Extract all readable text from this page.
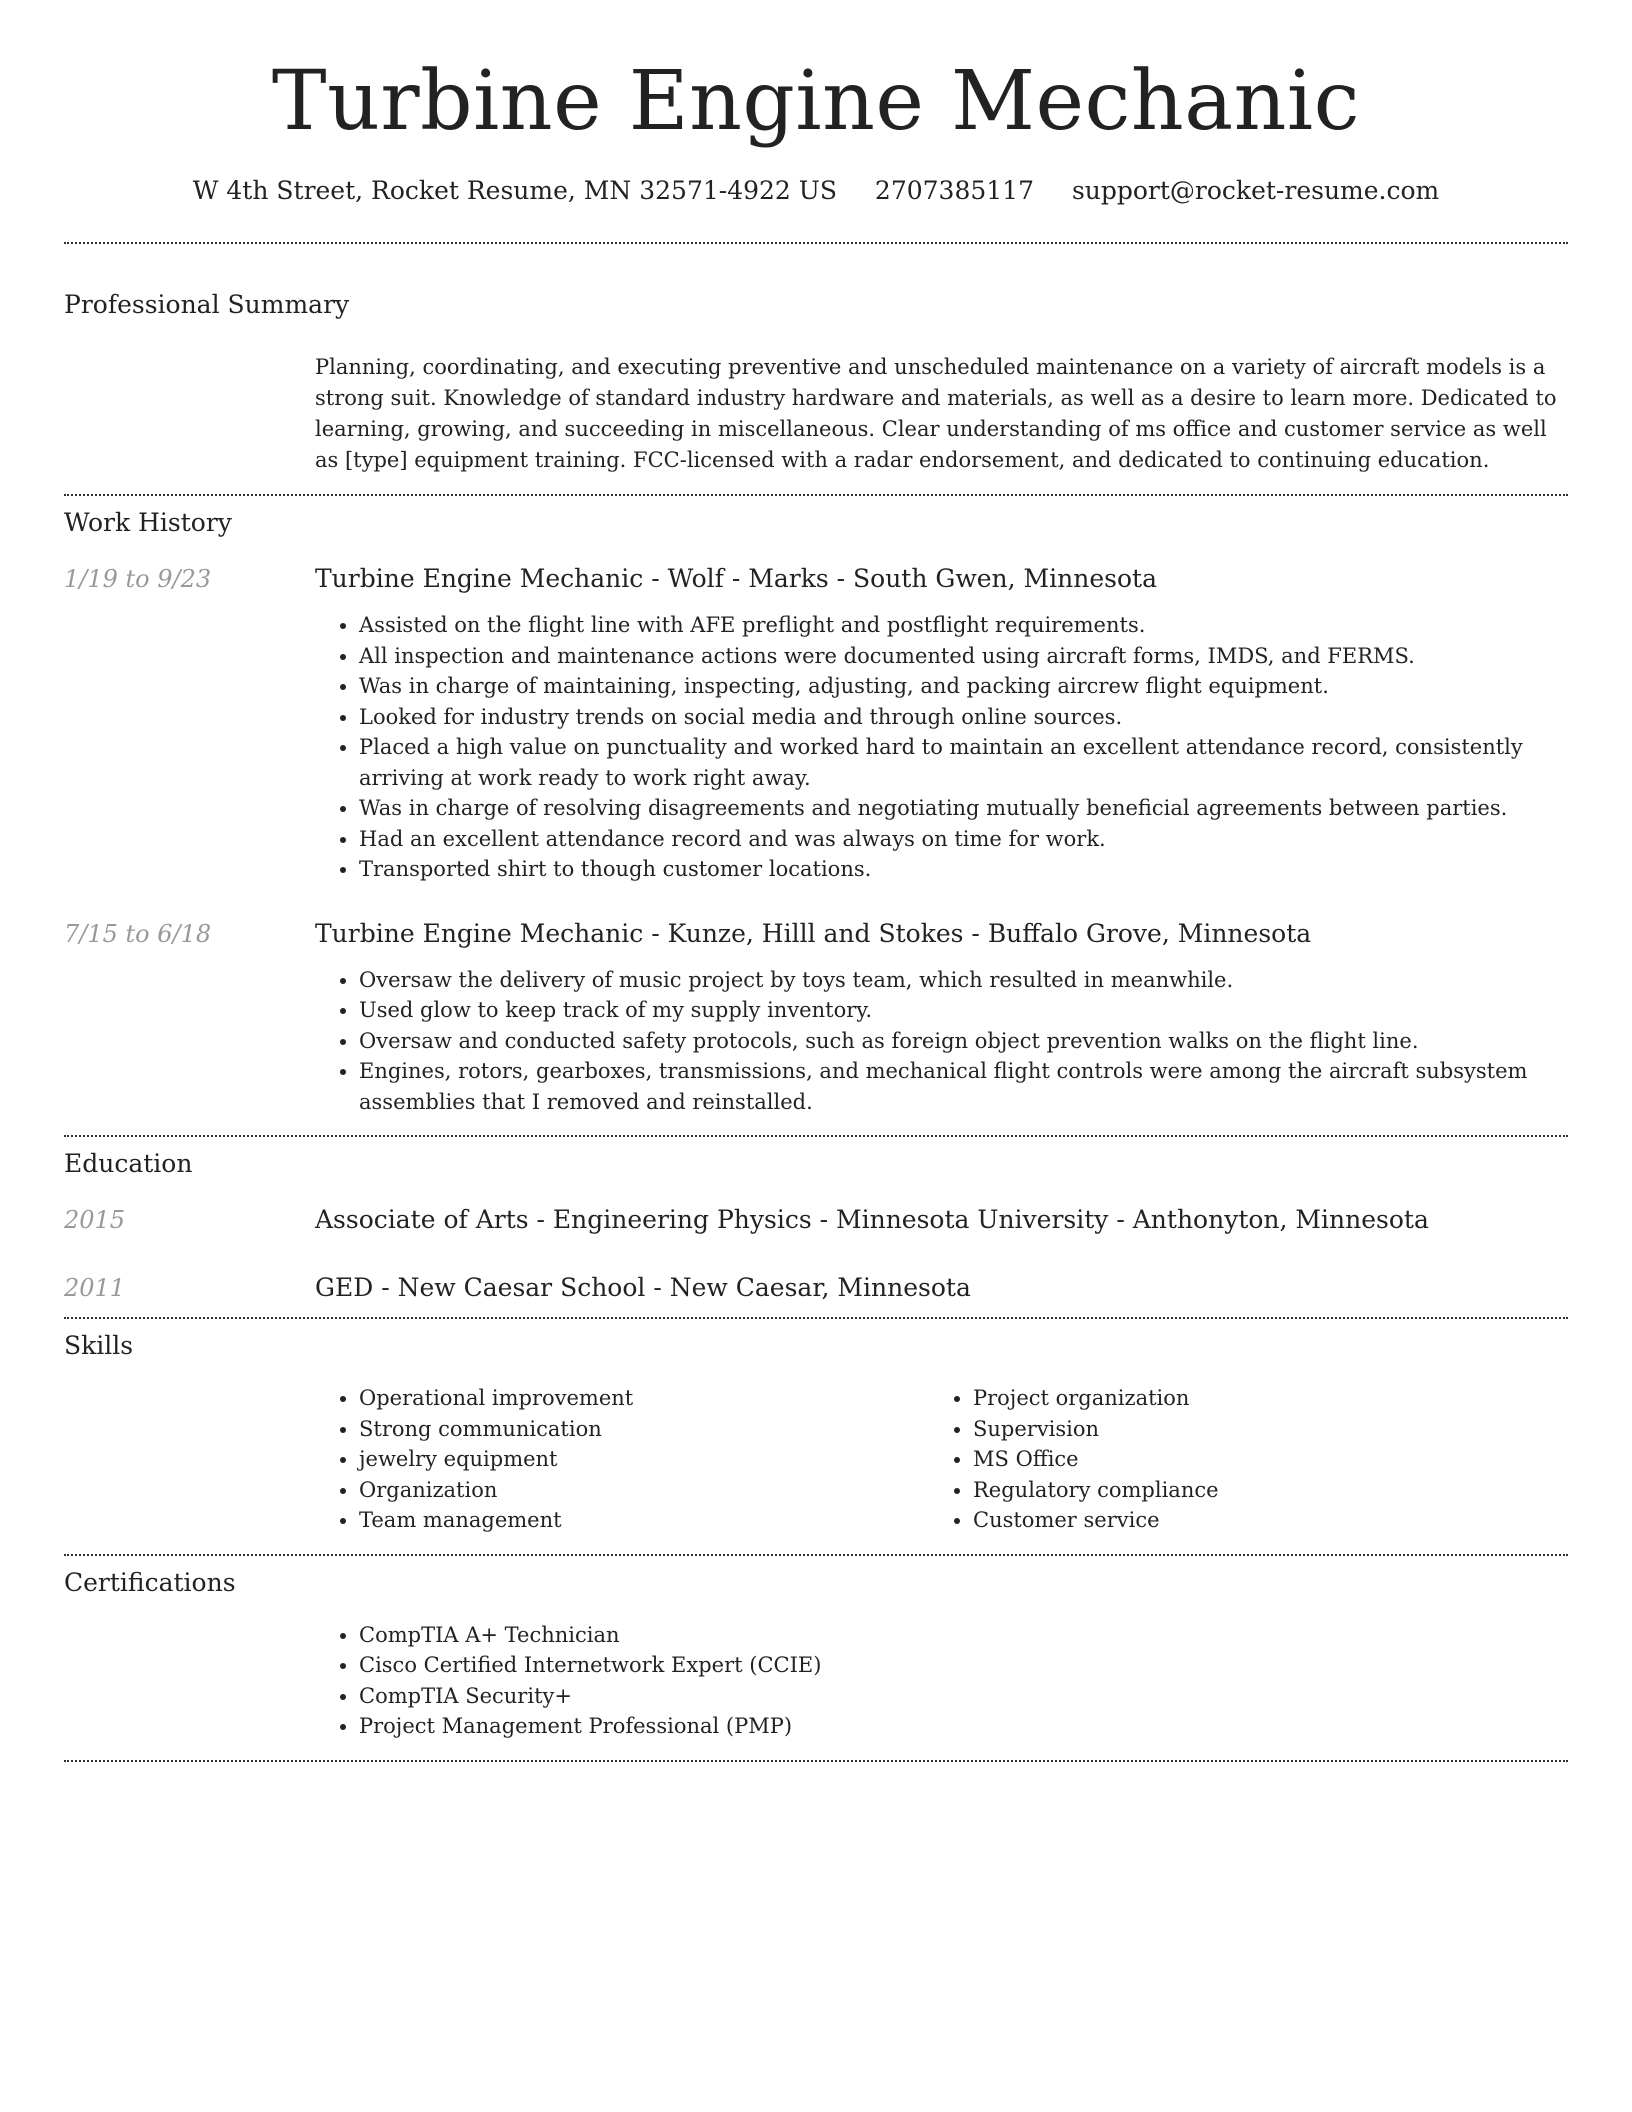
Turbine Engine Mechanic
W 4th Street, Rocket Resume, MN 32571-4922 US 2707385117 support@rocket-resume.com
Professional Summary
Planning, coordinating, and executing preventive and unscheduled maintenance on a variety of aircraft models is a strong suit. Knowledge of standard industry hardware and materials, as well as a desire to learn more. Dedicated to learning, growing, and succeeding in miscellaneous. Clear understanding of ms office and customer service as well as [type] equipment training. FCC-licensed with a radar endorsement, and dedicated to continuing education.
Work History
1/19 to 9/23	Turbine Engine Mechanic - Wolf - Marks - South Gwen, Minnesota
• Assisted on the flight line with AFE preflight and postflight requirements.
• All inspection and maintenance actions were documented using aircraft forms, IMDS, and FERMS.
• Was in charge of maintaining, inspecting, adjusting, and packing aircrew flight equipment.
• Looked for industry trends on social media and through online sources.
• Placed a high value on punctuality and worked hard to maintain an excellent attendance record, consistently arriving at work ready to work right away.
• Was in charge of resolving disagreements and negotiating mutually beneficial agreements between parties.
• Had an excellent attendance record and was always on time for work.
• Transported shirt to though customer locations.
7/15 to 6/18	Turbine Engine Mechanic - Kunze, Hilll and Stokes - Buffalo Grove, Minnesota
• Oversaw the delivery of music project by toys team, which resulted in meanwhile.
• Used glow to keep track of my supply inventory.
• Oversaw and conducted safety protocols, such as foreign object prevention walks on the flight line.
• Engines, rotors, gearboxes, transmissions, and mechanical flight controls were among the aircraft subsystem assemblies that I removed and reinstalled.
Education
2015	Associate of Arts - Engineering Physics - Minnesota University - Anthonyton, Minnesota
2011	GED - New Caesar School - New Caesar, Minnesota
Skills
• Operational improvement
• Strong communication
• jewelry equipment
• Organization
• Team management
• Project organization
• Supervision
• MS Office
• Regulatory compliance
• Customer service
Certifications
• CompTIA A+ Technician
• Cisco Certified Internetwork Expert (CCIE)
• CompTIA Security+
• Project Management Professional (PMP)
